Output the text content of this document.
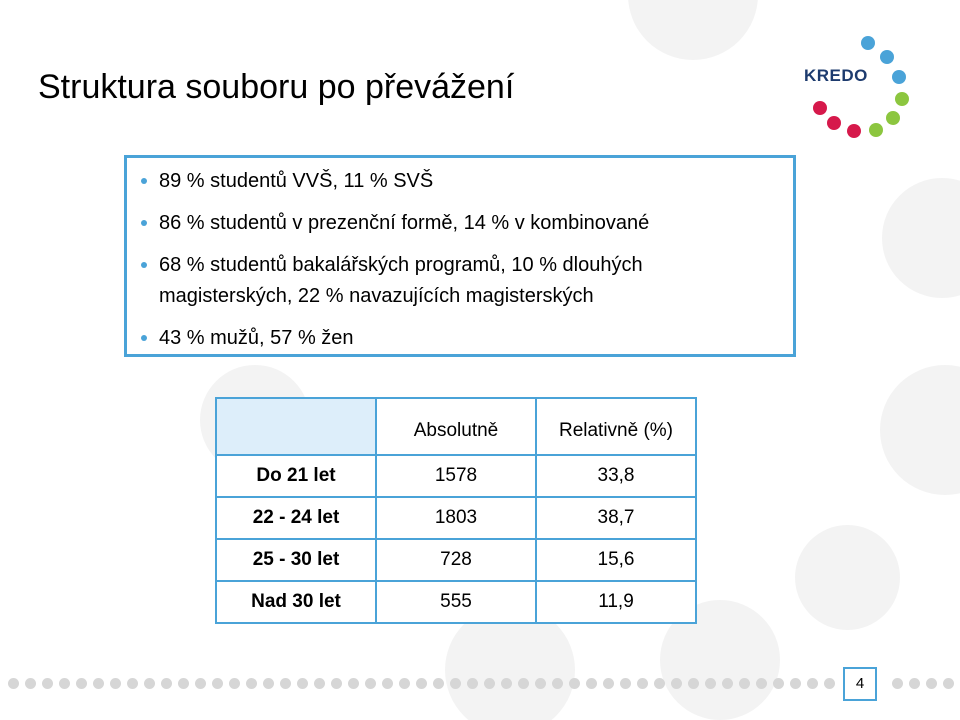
Struktura souboru po převážení	KREDO
89 % studentů VVŠ, 11 % SVŠ
86 % studentů v prezenční formě, 14 % v kombinované
68 % studentů bakalářských programů, 10 % dlouhých magisterských, 22 % navazujících magisterských
43 % mužů, 57 % žen
	Absolutně	Relativně (%)
Do 21 let	1578	33,8
22 - 24 let	1803	38,7
25 - 30 let	728	15,6
Nad 30 let	555	11,9
4
